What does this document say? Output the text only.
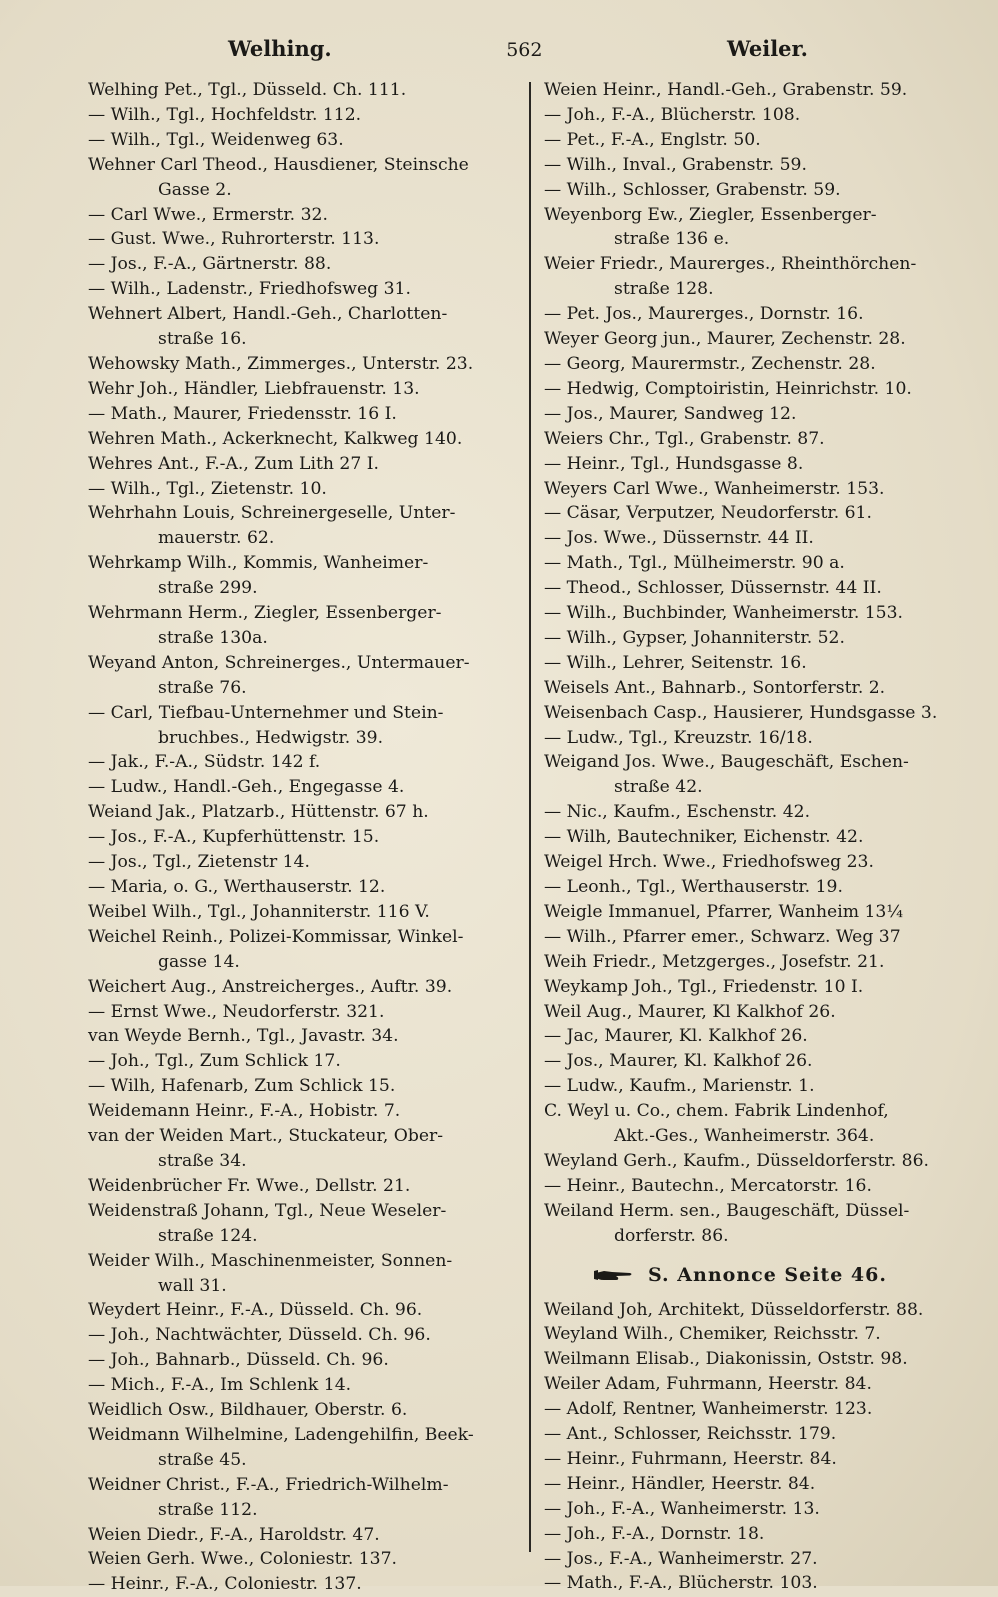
Welhing.	562	Weiler.
Welhing Pet., Tgl., Düsseld. Ch. 111.
— Wilh., Tgl., Hochfeldstr. 112.
— Wilh., Tgl., Weidenweg 63.
Wehner Carl Theod., Hausdiener, Steinsche
Gasse 2.
— Carl Wwe., Ermerstr. 32.
— Gust. Wwe., Ruhrorterstr. 113.
— Jos., F.-A., Gärtnerstr. 88.
— Wilh., Ladenstr., Friedhofsweg 31.
Wehnert Albert, Handl.-Geh., Charlotten-
straße 16.
Wehowsky Math., Zimmerges., Unterstr. 23.
Wehr Joh., Händler, Liebfrauenstr. 13.
— Math., Maurer, Friedensstr. 16 I.
Wehren Math., Ackerknecht, Kalkweg 140.
Wehres Ant., F.-A., Zum Lith 27 I.
— Wilh., Tgl., Zietenstr. 10.
Wehrhahn Louis, Schreinergeselle, Unter-
mauerstr. 62.
Wehrkamp Wilh., Kommis, Wanheimer-
straße 299.
Wehrmann Herm., Ziegler, Essenberger-
straße 130a.
Weyand Anton, Schreinerges., Untermauer-
straße 76.
— Carl, Tiefbau-Unternehmer und Stein-
bruchbes., Hedwigstr. 39.
— Jak., F.-A., Südstr. 142 f.
— Ludw., Handl.-Geh., Engegasse 4.
Weiand Jak., Platzarb., Hüttenstr. 67 h.
— Jos., F.-A., Kupferhüttenstr. 15.
— Jos., Tgl., Zietenstr 14.
— Maria, o. G., Werthauserstr. 12.
Weibel Wilh., Tgl., Johanniterstr. 116 V.
Weichel Reinh., Polizei-Kommissar, Winkel-
gasse 14.
Weichert Aug., Anstreicherges., Auftr. 39.
— Ernst Wwe., Neudorferstr. 321.
van Weyde Bernh., Tgl., Javastr. 34.
— Joh., Tgl., Zum Schlick 17.
— Wilh, Hafenarb, Zum Schlick 15.
Weidemann Heinr., F.-A., Hobistr. 7.
van der Weiden Mart., Stuckateur, Ober-
straße 34.
Weidenbrücher Fr. Wwe., Dellstr. 21.
Weidenstraß Johann, Tgl., Neue Weseler-
straße 124.
Weider Wilh., Maschinenmeister, Sonnen-
wall 31.
Weydert Heinr., F.-A., Düsseld. Ch. 96.
— Joh., Nachtwächter, Düsseld. Ch. 96.
— Joh., Bahnarb., Düsseld. Ch. 96.
— Mich., F.-A., Im Schlenk 14.
Weidlich Osw., Bildhauer, Oberstr. 6.
Weidmann Wilhelmine, Ladengehilfin, Beek-
straße 45.
Weidner Christ., F.-A., Friedrich-Wilhelm-
straße 112.
Weien Diedr., F.-A., Haroldstr. 47.
Weien Gerh. Wwe., Coloniestr. 137.
— Heinr., F.-A., Coloniestr. 137.
Weien Heinr., Handl.-Geh., Grabenstr. 59.
— Joh., F.-A., Blücherstr. 108.
— Pet., F.-A., Englstr. 50.
— Wilh., Inval., Grabenstr. 59.
— Wilh., Schlosser, Grabenstr. 59.
Weyenborg Ew., Ziegler, Essenberger-
straße 136 e.
Weier Friedr., Maurerges., Rheinthörchen-
straße 128.
— Pet. Jos., Maurerges., Dornstr. 16.
Weyer Georg jun., Maurer, Zechenstr. 28.
— Georg, Maurermstr., Zechenstr. 28.
— Hedwig, Comptoiristin, Heinrichstr. 10.
— Jos., Maurer, Sandweg 12.
Weiers Chr., Tgl., Grabenstr. 87.
— Heinr., Tgl., Hundsgasse 8.
Weyers Carl Wwe., Wanheimerstr. 153.
— Cäsar, Verputzer, Neudorferstr. 61.
— Jos. Wwe., Düssernstr. 44 II.
— Math., Tgl., Mülheimerstr. 90 a.
— Theod., Schlosser, Düssernstr. 44 II.
— Wilh., Buchbinder, Wanheimerstr. 153.
— Wilh., Gypser, Johanniterstr. 52.
— Wilh., Lehrer, Seitenstr. 16.
Weisels Ant., Bahnarb., Sontorferstr. 2.
Weisenbach Casp., Hausierer, Hundsgasse 3.
— Ludw., Tgl., Kreuzstr. 16/18.
Weigand Jos. Wwe., Baugeschäft, Eschen-
straße 42.
— Nic., Kaufm., Eschenstr. 42.
— Wilh, Bautechniker, Eichenstr. 42.
Weigel Hrch. Wwe., Friedhofsweg 23.
— Leonh., Tgl., Werthauserstr. 19.
Weigle Immanuel, Pfarrer, Wanheim 13¼
— Wilh., Pfarrer emer., Schwarz. Weg 37
Weih Friedr., Metzgerges., Josefstr. 21.
Weykamp Joh., Tgl., Friedenstr. 10 I.
Weil Aug., Maurer, Kl Kalkhof 26.
— Jac, Maurer, Kl. Kalkhof 26.
— Jos., Maurer, Kl. Kalkhof 26.
— Ludw., Kaufm., Marienstr. 1.
C. Weyl u. Co., chem. Fabrik Lindenhof,
Akt.-Ges., Wanheimerstr. 364.
Weyland Gerh., Kaufm., Düsseldorferstr. 86.
— Heinr., Bautechn., Mercatorstr. 16.
Weiland Herm. sen., Baugeschäft, Düssel-
dorferstr. 86.
S. Annonce Seite 46.
Weiland Joh, Architekt, Düsseldorferstr. 88.
Weyland Wilh., Chemiker, Reichsstr. 7.
Weilmann Elisab., Diakonissin, Oststr. 98.
Weiler Adam, Fuhrmann, Heerstr. 84.
— Adolf, Rentner, Wanheimerstr. 123.
— Ant., Schlosser, Reichsstr. 179.
— Heinr., Fuhrmann, Heerstr. 84.
— Heinr., Händler, Heerstr. 84.
— Joh., F.-A., Wanheimerstr. 13.
— Joh., F.-A., Dornstr. 18.
— Jos., F.-A., Wanheimerstr. 27.
— Math., F.-A., Blücherstr. 103.
